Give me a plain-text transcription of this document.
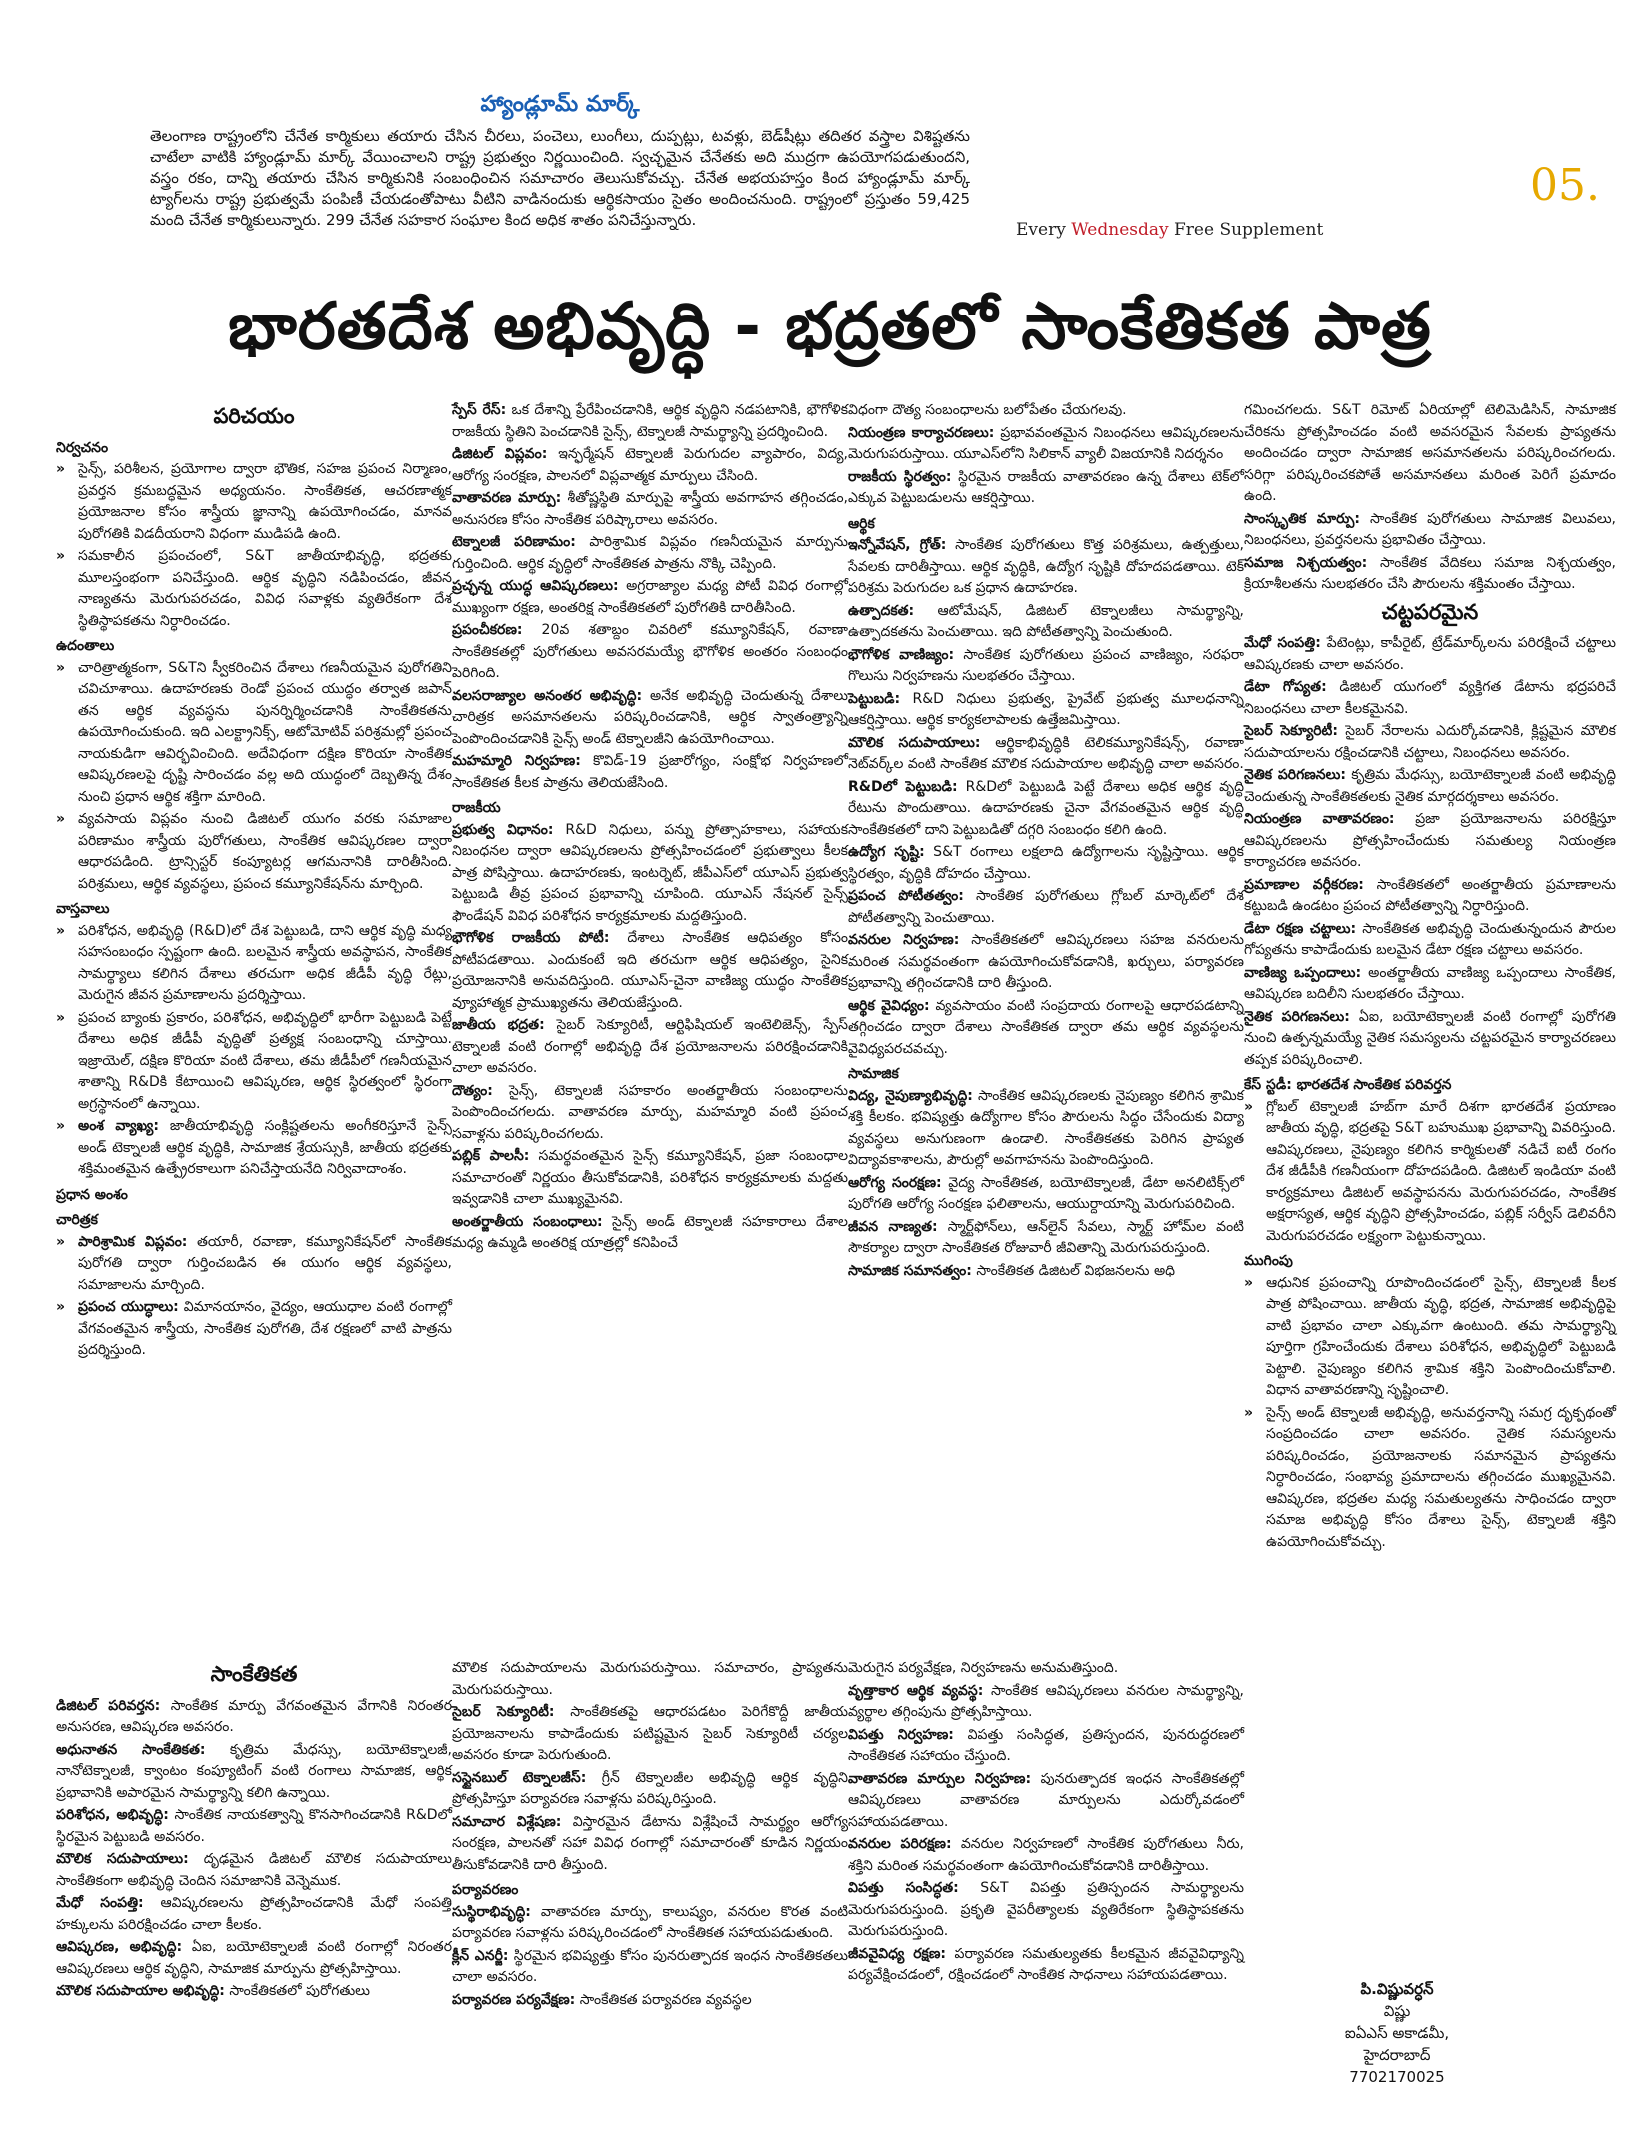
హ్యాండ్లూమ్ మార్క్
తెలంగాణ రాష్ట్రంలోని చేనేత కార్మికులు తయారు చేసిన చీరలు, పంచెలు, లుంగీలు, దుప్పట్లు, టవళ్లు, బెడ్‌షీట్లు తదితర వస్త్రాల విశిష్టతను చాటేలా వాటికి హ్యాండ్లూమ్ మార్క్ వేయించాలని రాష్ట్ర ప్రభుత్వం నిర్ణయించింది. స్వచ్ఛమైన చేనేతకు అది ముద్రగా ఉపయోగపడుతుందని, వస్త్రం రకం, దాన్ని తయారు చేసిన కార్మికునికి సంబంధించిన సమాచారం తెలుసుకోవచ్చు. చేనేత అభయహస్తం కింద హ్యాండ్లూమ్ మార్క్ ట్యాగ్‌లను రాష్ట్ర ప్రభుత్వమే పంపిణీ చేయడంతోపాటు వీటిని వాడినందుకు ఆర్థికసాయం సైతం అందించనుంది. రాష్ట్రంలో ప్రస్తుతం 59,425 మంది చేనేత కార్మికులున్నారు. 299 చేనేత సహకార సంఘాల కింద అధిక శాతం పనిచేస్తున్నారు.
05.
Every Wednesday Free Supplement
భారతదేశ అభివృద్ధి - భద్రతలో సాంకేతికత పాత్ర
పరిచయం
నిర్వచనం

» సైన్స్, పరిశీలన, ప్రయోగాల ద్వారా భౌతిక, సహజ ప్రపంచ నిర్మాణం, ప్రవర్తన క్రమబద్ధమైన అధ్యయనం. సాంకేతికత, ఆచరణాత్మక ప్రయోజనాల కోసం శాస్త్రీయ జ్ఞానాన్ని ఉపయోగించడం, మానవ పురోగతికి విడదీయరాని విధంగా ముడిపడి ఉంది.

» సమకాలీన ప్రపంచంలో, S&T జాతీయాభివృద్ధి, భద్రతకు మూలస్తంభంగా పనిచేస్తుంది. ఆర్థిక వృద్ధిని నడిపించడం, జీవన నాణ్యతను మెరుగుపరచడం, వివిధ సవాళ్లకు వ్యతిరేకంగా దేశ స్థితిస్థాపకతను నిర్ధారించడం.

ఉదంతాలు

» చారిత్రాత్మకంగా, S&Tని స్వీకరించిన దేశాలు గణనీయమైన పురోగతిని చవిచూశాయి. ఉదాహరణకు రెండో ప్రపంచ యుద్ధం తర్వాత జపాన్ తన ఆర్థిక వ్యవస్థను పునర్నిర్మించడానికి సాంకేతికతను ఉపయోగించుకుంది. ఇది ఎలక్ట్రానిక్స్, ఆటోమోటివ్ పరిశ్రమల్లో ప్రపంచ నాయకుడిగా ఆవిర్భవించింది. అదేవిధంగా దక్షిణ కొరియా సాంకేతిక ఆవిష్కరణలపై దృష్టి సారించడం వల్ల అది యుద్ధంలో దెబ్బతిన్న దేశం నుంచి ప్రధాన ఆర్థిక శక్తిగా మారింది.

» వ్యవసాయ విప్లవం నుంచి డిజిటల్ యుగం వరకు సమాజాల పరిణామం శాస్త్రీయ పురోగతులు, సాంకేతిక ఆవిష్కరణల ద్వారా ఆధారపడింది. ట్రాన్సిస్టర్ కంప్యూటర్ల ఆగమనానికి దారితీసింది. పరిశ్రమలు, ఆర్థిక వ్యవస్థలు, ప్రపంచ కమ్యూనికేషన్‌ను మార్చింది.

వాస్తవాలు

» పరిశోధన, అభివృద్ధి (R&D)లో దేశ పెట్టుబడి, దాని ఆర్థిక వృద్ధి మధ్య సహసంబంధం స్పష్టంగా ఉంది. బలమైన శాస్త్రీయ అవస్థాపన, సాంకేతిక సామర్థ్యాలు కలిగిన దేశాలు తరచుగా అధిక జీడీపీ వృద్ధి రేట్లు, మెరుగైన జీవన ప్రమాణాలను ప్రదర్శిస్తాయి.

» ప్రపంచ బ్యాంకు ప్రకారం, పరిశోధన, అభివృద్ధిలో భారీగా పెట్టుబడి పెట్టే దేశాలు అధిక జీడీపీ వృద్ధితో ప్రత్యక్ష సంబంధాన్ని చూస్తాయి. ఇజ్రాయెల్, దక్షిణ కొరియా వంటి దేశాలు, తమ జీడీపీలో గణనీయమైన శాతాన్ని R&Dకి కేటాయించి ఆవిష్కరణ, ఆర్థిక స్థిరత్వంలో స్థిరంగా అగ్రస్థానంలో ఉన్నాయి.

» అంశ వ్యాఖ్య: జాతీయాభివృద్ధి సంక్లిష్టతలను అంగీకరిస్తూనే సైన్స్ అండ్ టెక్నాలజీ ఆర్థిక వృద్ధికి, సామాజిక శ్రేయస్సుకి, జాతీయ భద్రతకు శక్తిమంతమైన ఉత్ప్రేరకాలుగా పనిచేస్తాయనేది నిర్వివాదాంశం.

ప్రధాన అంశం
చారిత్రక

» పారిశ్రామిక విప్లవం: తయారీ, రవాణా, కమ్యూనికేషన్‌లో సాంకేతిక పురోగతి ద్వారా గుర్తించబడిన ఈ యుగం ఆర్థిక వ్యవస్థలు, సమాజాలను మార్చింది.

» ప్రపంచ యుద్ధాలు: విమానయానం, వైద్యం, ఆయుధాల వంటి రంగాల్లో వేగవంతమైన శాస్త్రీయ, సాంకేతిక పురోగతి, దేశ రక్షణలో వాటి పాత్రను ప్రదర్శిస్తుంది.

స్పేస్ రేస్: ఒక దేశాన్ని ప్రేరేపించడానికి, ఆర్థిక వృద్ధిని నడపటానికి, భౌగోళిక రాజకీయ స్థితిని పెంచడానికి సైన్స్, టెక్నాలజీ సామర్థ్యాన్ని ప్రదర్శించింది.

డిజిటల్ విప్లవం: ఇన్ఫర్మేషన్ టెక్నాలజీ పెరుగుదల వ్యాపారం, విద్య, ఆరోగ్య సంరక్షణ, పాలనలో విప్లవాత్మక మార్పులు చేసింది.

వాతావరణ మార్పు: శీతోష్ణస్థితి మార్పుపై శాస్త్రీయ అవగాహన తగ్గించడం, అనుసరణ కోసం సాంకేతిక పరిష్కారాలు అవసరం.

టెక్నాలజీ పరిణామం: పారిశ్రామిక విప్లవం గణనీయమైన మార్పును గుర్తించింది. ఆర్థిక వృద్ధిలో సాంకేతికత పాత్రను నొక్కి చెప్పింది.

ప్రచ్ఛన్న యుద్ధ ఆవిష్కరణలు: అగ్రరాజ్యాల మధ్య పోటీ వివిధ రంగాల్లో ముఖ్యంగా రక్షణ, అంతరిక్ష సాంకేతికతలో పురోగతికి దారితీసింది.

ప్రపంచీకరణ: 20వ శతాబ్దం చివరిలో కమ్యూనికేషన్, రవాణా సాంకేతికతల్లో పురోగతులు అవసరమయ్యే భౌగోళిక అంతరం సంబంధం పెరిగింది.

వలసరాజ్యాల అనంతర అభివృద్ధి: అనేక అభివృద్ధి చెందుతున్న దేశాలు చారిత్రక అసమానతలను పరిష్కరించడానికి, ఆర్థిక స్వాతంత్ర్యాన్ని పెంపొందించడానికి సైన్స్ అండ్ టెక్నాలజీని ఉపయోగించాయి.

మహమ్మారి నిర్వహణ: కొవిడ్-19 ప్రజారోగ్యం, సంక్షోభ నిర్వహణలో సాంకేతికత కీలక పాత్రను తెలియజేసింది.

రాజకీయ

ప్రభుత్వ విధానం: R&D నిధులు, పన్ను ప్రోత్సాహకాలు, సహాయక నిబంధనల ద్వారా ఆవిష్కరణలను ప్రోత్సహించడంలో ప్రభుత్వాలు కీలక పాత్ర పోషిస్తాయి. ఉదాహరణకు, ఇంటర్నెట్, జీపీఎస్‌లో యూఎస్ ప్రభుత్వ పెట్టుబడి తీవ్ర ప్రపంచ ప్రభావాన్ని చూపింది. యూఎస్ నేషనల్ సైన్స్ ఫౌండేషన్ వివిధ పరిశోధన కార్యక్రమాలకు మద్దతిస్తుంది.

భౌగోళిక రాజకీయ పోటీ: దేశాలు సాంకేతిక ఆధిపత్యం కోసం పోటీపడతాయి. ఎందుకంటే ఇది తరచుగా ఆర్థిక ఆధిపత్యం, సైనిక ప్రయోజనానికి అనువదిస్తుంది. యూఎస్-చైనా వాణిజ్య యుద్ధం సాంకేతిక వ్యూహాత్మక ప్రాముఖ్యతను తెలియజేస్తుంది.

జాతీయ భద్రత: సైబర్ సెక్యూరిటీ, ఆర్టిఫిషియల్ ఇంటెలిజెన్స్, స్పేస్ టెక్నాలజీ వంటి రంగాల్లో అభివృద్ధి దేశ ప్రయోజనాలను పరిరక్షించడానికి చాలా అవసరం.

దౌత్యం: సైన్స్, టెక్నాలజీ సహకారం అంతర్జాతీయ సంబంధాలను పెంపొందించగలదు. వాతావరణ మార్పు, మహమ్మారి వంటి ప్రపంచ సవాళ్లను పరిష్కరించగలదు.

పబ్లిక్ పాలసీ: సమర్థవంతమైన సైన్స్ కమ్యూనికేషన్, ప్రజా సంబంధాల సమాచారంతో నిర్ణయం తీసుకోవడానికి, పరిశోధన కార్యక్రమాలకు మద్దతు ఇవ్వడానికి చాలా ముఖ్యమైనవి.

అంతర్జాతీయ సంబంధాలు: సైన్స్ అండ్ టెక్నాలజీ సహకారాలు దేశాల మధ్య ఉమ్మడి అంతరిక్ష యాత్రల్లో కనిపించే

విధంగా దౌత్య సంబంధాలను బలోపేతం చేయగలవు.

నియంత్రణ కార్యాచరణలు: ప్రభావవంతమైన నిబంధనలు ఆవిష్కరణలను మెరుగుపరుస్తాయి. యూఎస్‌లోని సిలికాన్ వ్యాలీ విజయానికి నిదర్శనం

రాజకీయ స్థిరత్వం: స్థిరమైన రాజకీయ వాతావరణం ఉన్న దేశాలు టెక్‌లో ఎక్కువ పెట్టుబడులను ఆకర్షిస్తాయి.

ఆర్థిక

ఇన్నోవేషన్, గ్రోత్: సాంకేతిక పురోగతులు కొత్త పరిశ్రమలు, ఉత్పత్తులు, సేవలకు దారితీస్తాయి. ఆర్థిక వృద్ధికి, ఉద్యోగ సృష్టికి దోహదపడతాయి. టెక్ పరిశ్రమ పెరుగుదల ఒక ప్రధాన ఉదాహరణ.

ఉత్పాదకత: ఆటోమేషన్, డిజిటల్ టెక్నాలజీలు సామర్థ్యాన్ని, ఉత్పాదకతను పెంచుతాయి. ఇది పోటీతత్వాన్ని పెంచుతుంది.

భౌగోళిక వాణిజ్యం: సాంకేతిక పురోగతులు ప్రపంచ వాణిజ్యం, సరఫరా గొలుసు నిర్వహణను సులభతరం చేస్తాయి.

పెట్టుబడి: R&D నిధులు ప్రభుత్వ, ప్రైవేట్ ప్రభుత్వ మూలధనాన్ని ఆకర్షిస్తాయి. ఆర్థిక కార్యకలాపాలకు ఉత్తేజమిస్తాయి.

మౌలిక సదుపాయాలు: ఆర్థికాభివృద్ధికి టెలికమ్యూనికేషన్స్, రవాణా నెట్‌వర్క్‌ల వంటి సాంకేతిక మౌలిక సదుపాయాల అభివృద్ధి చాలా అవసరం.

R&Dలో పెట్టుబడి: R&Dలో పెట్టుబడి పెట్టే దేశాలు అధిక ఆర్థిక వృద్ధి రేటును పొందుతాయి. ఉదాహరణకు చైనా వేగవంతమైన ఆర్థిక వృద్ధి సాంకేతికతలో దాని పెట్టుబడితో దగ్గరి సంబంధం కలిగి ఉంది.

ఉద్యోగ సృష్టి: S&T రంగాలు లక్షలాది ఉద్యోగాలను సృష్టిస్తాయి. ఆర్థిక స్థిరత్వం, వృద్ధికి దోహదం చేస్తాయి.

ప్రపంచ పోటీతత్వం: సాంకేతిక పురోగతులు గ్లోబల్ మార్కెట్‌లో దేశ పోటీతత్వాన్ని పెంచుతాయి.

వనరుల నిర్వహణ: సాంకేతికతలో ఆవిష్కరణలు సహజ వనరులను మరింత సమర్థవంతంగా ఉపయోగించుకోవడానికి, ఖర్చులు, పర్యావరణ ప్రభావాన్ని తగ్గించడానికి దారి తీస్తుంది.

ఆర్థిక వైవిధ్యం: వ్యవసాయం వంటి సంప్రదాయ రంగాలపై ఆధారపడటాన్ని తగ్గించడం ద్వారా దేశాలు సాంకేతికత ద్వారా తమ ఆర్థిక వ్యవస్థలను వైవిధ్యపరచవచ్చు.

సామాజిక

విద్య, నైపుణ్యాభివృద్ధి: సాంకేతిక ఆవిష్కరణలకు నైపుణ్యం కలిగిన శ్రామిక శక్తి కీలకం. భవిష్యత్తు ఉద్యోగాల కోసం పౌరులను సిద్ధం చేసేందుకు విద్యా వ్యవస్థలు అనుగుణంగా ఉండాలి. సాంకేతికతకు పెరిగిన ప్రాప్యత విద్యావకాశాలను, పౌరుల్లో అవగాహనను పెంపొందిస్తుంది.

ఆరోగ్య సంరక్షణ: వైద్య సాంకేతికత, బయోటెక్నాలజీ, డేటా అనలిటిక్స్‌లో పురోగతి ఆరోగ్య సంరక్షణ ఫలితాలను, ఆయుర్దాయాన్ని మెరుగుపరిచింది.

జీవన నాణ్యత: స్మార్ట్‌ఫోన్‌లు, ఆన్‌లైన్ సేవలు, స్మార్ట్ హోమ్‌ల వంటి సౌకర్యాల ద్వారా సాంకేతికత రోజువారీ జీవితాన్ని మెరుగుపరుస్తుంది.

సామాజిక సమానత్వం: సాంకేతికత డిజిటల్ విభజనలను అధి

గమించగలదు. S&T రిమోట్ ఏరియాల్లో టెలిమెడిసిన్, సామాజిక చేరికను ప్రోత్సహించడం వంటి అవసరమైన సేవలకు ప్రాప్యతను అందించడం ద్వారా సామాజిక అసమానతలను పరిష్కరించగలదు. సరిగ్గా పరిష్కరించకపోతే అసమానతలు మరింత పెరిగే ప్రమాదం ఉంది.

సాంస్కృతిక మార్పు: సాంకేతిక పురోగతులు సామాజిక విలువలు, నిబంధనలు, ప్రవర్తనలను ప్రభావితం చేస్తాయి.

సమాజ నిశ్చయత్వం: సాంకేతిక వేదికలు సమాజ నిశ్చయత్వం, క్రియాశీలతను సులభతరం చేసి పౌరులను శక్తిమంతం చేస్తాయి.

చట్టపరమైన

మేధో సంపత్తి: పేటెంట్లు, కాపీరైట్, ట్రేడ్‌మార్క్‌లను పరిరక్షించే చట్టాలు ఆవిష్కరణకు చాలా అవసరం.

డేటా గోప్యత: డిజిటల్ యుగంలో వ్యక్తిగత డేటాను భద్రపరిచే నిబంధనలు చాలా కీలకమైనవి.

సైబర్ సెక్యూరిటీ: సైబర్ నేరాలను ఎదుర్కోవడానికి, క్లిష్టమైన మౌలిక సదుపాయాలను రక్షించడానికి చట్టాలు, నిబంధనలు అవసరం.

నైతిక పరిగణనలు: కృత్రిమ మేధస్సు, బయోటెక్నాలజీ వంటి అభివృద్ధి చెందుతున్న సాంకేతికతలకు నైతిక మార్గదర్శకాలు అవసరం.

నియంత్రణ వాతావరణం: ప్రజా ప్రయోజనాలను పరిరక్షిస్తూ ఆవిష్కరణలను ప్రోత్సహించేందుకు సమతుల్య నియంత్రణ కార్యాచరణ అవసరం.

ప్రమాణాల వర్గీకరణ: సాంకేతికతలో అంతర్జాతీయ ప్రమాణాలను కట్టుబడి ఉండటం ప్రపంచ పోటీతత్వాన్ని నిర్ధారిస్తుంది.

డేటా రక్షణ చట్టాలు: సాంకేతికత అభివృద్ధి చెందుతున్నందున పౌరుల గోప్యతను కాపాడేందుకు బలమైన డేటా రక్షణ చట్టాలు అవసరం.

వాణిజ్య ఒప్పందాలు: అంతర్జాతీయ వాణిజ్య ఒప్పందాలు సాంకేతిక, ఆవిష్కరణ బదిలీని సులభతరం చేస్తాయి.

నైతిక పరిగణనలు: ఏఐ, బయోటెక్నాలజీ వంటి రంగాల్లో పురోగతి నుంచి ఉత్పన్నమయ్యే నైతిక సమస్యలను చట్టపరమైన కార్యాచరణలు తప్పక పరిష్కరించాలి.

కేస్ స్టడీ: భారతదేశ సాంకేతిక పరివర్తన

» గ్లోబల్ టెక్నాలజీ హబ్‌గా మారే దిశగా భారతదేశ ప్రయాణం జాతీయ వృద్ధి, భద్రతపై S&T బహుముఖ ప్రభావాన్ని వివరిస్తుంది. ఆవిష్కరణలు, నైపుణ్యం కలిగిన కార్మికులతో నడిచే ఐటీ రంగం దేశ జీడీపీకి గణనీయంగా దోహదపడింది. డిజిటల్ ఇండియా వంటి కార్యక్రమాలు డిజిటల్ అవస్థాపనను మెరుగుపరచడం, సాంకేతిక అక్షరాస్యత, ఆర్థిక వృద్ధిని ప్రోత్సహించడం, పబ్లిక్ సర్వీస్ డెలివరీని మెరుగుపరచడం లక్ష్యంగా పెట్టుకున్నాయి.

ముగింపు

» ఆధునిక ప్రపంచాన్ని రూపొందించడంలో సైన్స్, టెక్నాలజీ కీలక పాత్ర పోషించాయి. జాతీయ వృద్ధి, భద్రత, సామాజిక అభివృద్ధిపై వాటి ప్రభావం చాలా ఎక్కువగా ఉంటుంది. తమ సామర్థ్యాన్ని పూర్తిగా గ్రహించేందుకు దేశాలు పరిశోధన, అభివృద్ధిలో పెట్టుబడి పెట్టాలి. నైపుణ్యం కలిగిన శ్రామిక శక్తిని పెంపొందించుకోవాలి. విధాన వాతావరణాన్ని సృష్టించాలి.

» సైన్స్ అండ్ టెక్నాలజీ అభివృద్ధి, అనువర్తనాన్ని సమగ్ర దృక్పథంతో సంప్రదించడం చాలా అవసరం. నైతిక సమస్యలను పరిష్కరించడం, ప్రయోజనాలకు సమానమైన ప్రాప్యతను నిర్ధారించడం, సంభావ్య ప్రమాదాలను తగ్గించడం ముఖ్యమైనవి. ఆవిష్కరణ, భద్రతల మధ్య సమతుల్యతను సాధించడం ద్వారా సమాజ అభివృద్ధి కోసం దేశాలు సైన్స్, టెక్నాలజీ శక్తిని ఉపయోగించుకోవచ్చు.

సాంకేతికత

డిజిటల్ పరివర్తన: సాంకేతిక మార్పు వేగవంతమైన వేగానికి నిరంతర అనుసరణ, ఆవిష్కరణ అవసరం.

అధునాతన సాంకేతికత: కృత్రిమ మేధస్సు, బయోటెక్నాలజీ, నానోటెక్నాలజీ, క్వాంటం కంప్యూటింగ్ వంటి రంగాలు సామాజిక, ఆర్థిక ప్రభావానికి అపారమైన సామర్థ్యాన్ని కలిగి ఉన్నాయి.

పరిశోధన, అభివృద్ధి: సాంకేతిక నాయకత్వాన్ని కొనసాగించడానికి R&Dలో స్థిరమైన పెట్టుబడి అవసరం.

మౌలిక సదుపాయాలు: దృఢమైన డిజిటల్ మౌలిక సదుపాయాలు సాంకేతికంగా అభివృద్ధి చెందిన సమాజానికి వెన్నెముక.

మేధో సంపత్తి: ఆవిష్కరణలను ప్రోత్సహించడానికి మేధో సంపత్తి హక్కులను పరిరక్షించడం చాలా కీలకం.

ఆవిష్కరణ, అభివృద్ధి: ఏఐ, బయోటెక్నాలజీ వంటి రంగాల్లో నిరంతర ఆవిష్కరణలు ఆర్థిక వృద్ధిని, సామాజిక మార్పును ప్రోత్సహిస్తాయి.

మౌలిక సదుపాయాల అభివృద్ధి: సాంకేతికతలో పురోగతులు

మౌలిక సదుపాయాలను మెరుగుపరుస్తాయి. సమాచారం, ప్రాప్యతను మెరుగుపరుస్తాయి.

సైబర్ సెక్యూరిటీ: సాంకేతికతపై ఆధారపడటం పెరిగేకొద్దీ జాతీయ ప్రయోజనాలను కాపాడేందుకు పటిష్టమైన సైబర్ సెక్యూరిటీ చర్యల అవసరం కూడా పెరుగుతుంది.

సస్టైనబుల్ టెక్నాలజీస్: గ్రీన్ టెక్నాలజీల అభివృద్ధి ఆర్థిక వృద్ధిని ప్రోత్సహిస్తూ పర్యావరణ సవాళ్లను పరిష్కరిస్తుంది.

సమాచార విశ్లేషణ: విస్తారమైన డేటాను విశ్లేషించే సామర్థ్యం ఆరోగ్య సంరక్షణ, పాలనతో సహా వివిధ రంగాల్లో సమాచారంతో కూడిన నిర్ణయం తీసుకోవడానికి దారి తీస్తుంది.

పర్యావరణం

సుస్థిరాభివృద్ధి: వాతావరణ మార్పు, కాలుష్యం, వనరుల కొరత వంటి పర్యావరణ సవాళ్లను పరిష్కరించడంలో సాంకేతికత సహాయపడుతుంది.

క్లీన్ ఎనర్జీ: స్థిరమైన భవిష్యత్తు కోసం పునరుత్పాదక ఇంధన సాంకేతికతలు చాలా అవసరం.

పర్యావరణ పర్యవేక్షణ: సాంకేతికత పర్యావరణ వ్యవస్థల

మెరుగైన పర్యవేక్షణ, నిర్వహణను అనుమతిస్తుంది.

వృత్తాకార ఆర్థిక వ్యవస్థ: సాంకేతిక ఆవిష్కరణలు వనరుల సామర్థ్యాన్ని, వ్యర్థాల తగ్గింపును ప్రోత్సహిస్తాయి.

విపత్తు నిర్వహణ: విపత్తు సంసిద్ధత, ప్రతిస్పందన, పునరుద్ధరణలో సాంకేతికత సహాయం చేస్తుంది.

వాతావరణ మార్పుల నిర్వహణ: పునరుత్పాదక ఇంధన సాంకేతికతల్లో ఆవిష్కరణలు వాతావరణ మార్పులను ఎదుర్కోవడంలో సహాయపడతాయి.

వనరుల పరిరక్షణ: వనరుల నిర్వహణలో సాంకేతిక పురోగతులు నీరు, శక్తిని మరింత సమర్థవంతంగా ఉపయోగించుకోవడానికి దారితీస్తాయి.

విపత్తు సంసిద్ధత: S&T విపత్తు ప్రతిస్పందన సామర్థ్యాలను మెరుగుపరుస్తుంది. ప్రకృతి వైపరీత్యాలకు వ్యతిరేకంగా స్థితిస్థాపకతను మెరుగుపరుస్తుంది.

జీవవైవిధ్య రక్షణ: పర్యావరణ సమతుల్యతకు కీలకమైన జీవవైవిధ్యాన్ని పర్యవేక్షించడంలో, రక్షించడంలో సాంకేతిక సాధనాలు సహాయపడతాయి.

పి.విష్ణువర్ధన్
విష్ణు
ఐఏఎస్ అకాడమీ,
హైదరాబాద్
7702170025
